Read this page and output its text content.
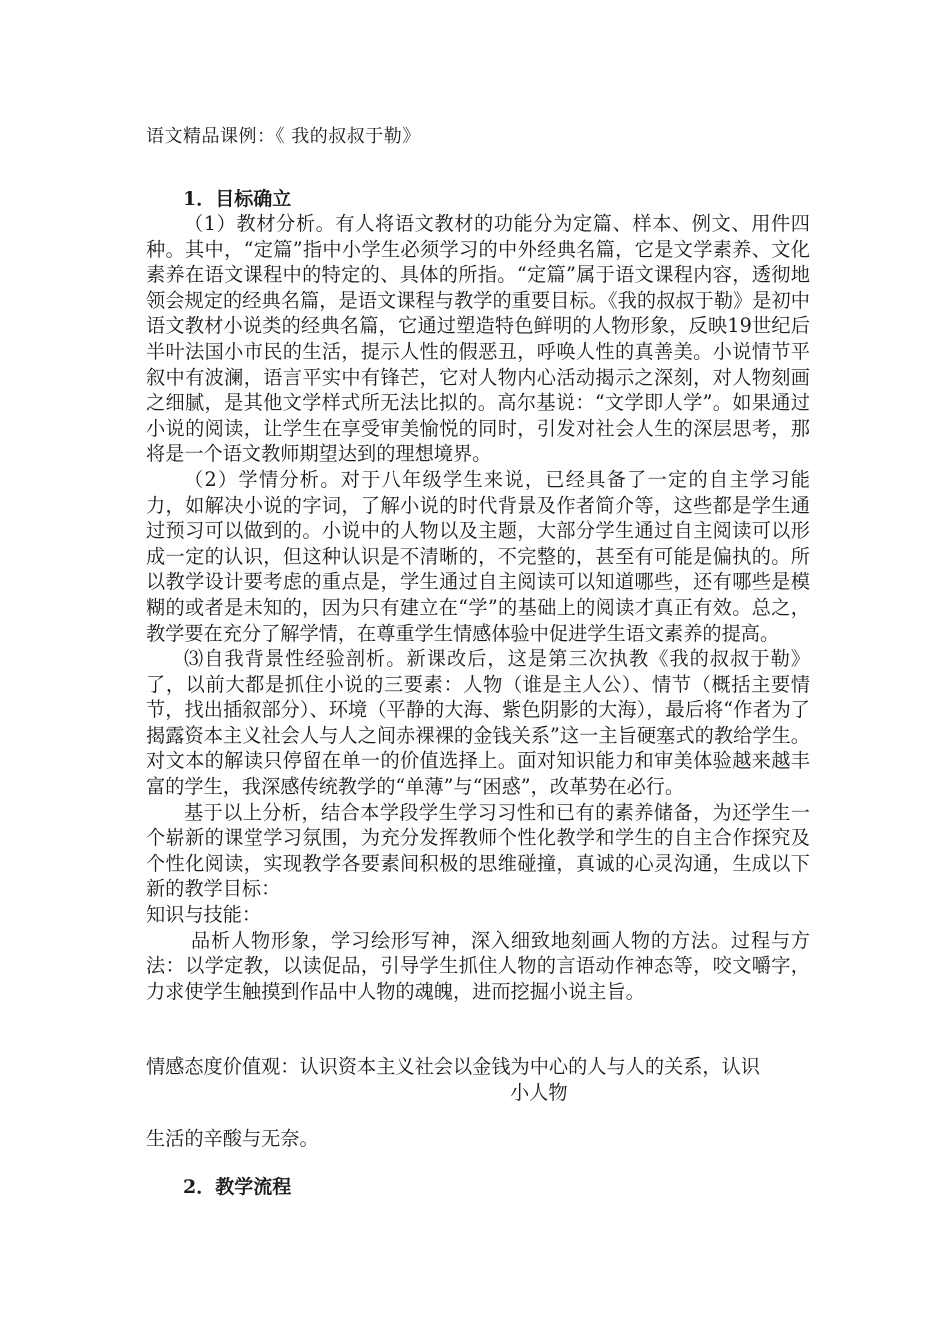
语文精品课例：《 我的叔叔于勒》
1．目标确立

（1）教材分析。有人将语文教材的功能分为定篇、样本、例文、用件四种。其中，“定篇”指中小学生必须学习的中外经典名篇，它是文学素养、文化素养在语文课程中的特定的、具体的所指。“定篇”属于语文课程内容，透彻地领会规定的经典名篇，是语文课程与教学的重要目标。《我的叔叔于勒》是初中语文教材小说类的经典名篇，它通过塑造特色鲜明的人物形象，反映19世纪后半叶法国小市民的生活，提示人性的假恶丑，呼唤人性的真善美。小说情节平叙中有波澜，语言平实中有锋芒，它对人物内心活动揭示之深刻，对人物刻画之细腻，是其他文学样式所无法比拟的。高尔基说：“文学即人学”。如果通过小说的阅读，让学生在享受审美愉悦的同时，引发对社会人生的深层思考，那将是一个语文教师期望达到的理想境界。

（2）学情分析。对于八年级学生来说，已经具备了一定的自主学习能力，如解决小说的字词，了解小说的时代背景及作者简介等，这些都是学生通过预习可以做到的。小说中的人物以及主题，大部分学生通过自主阅读可以形成一定的认识，但这种认识是不清晰的，不完整的，甚至有可能是偏执的。所以教学设计要考虑的重点是，学生通过自主阅读可以知道哪些，还有哪些是模糊的或者是未知的，因为只有建立在“学”的基础上的阅读才真正有效。总之，教学要在充分了解学情，在尊重学生情感体验中促进学生语文素养的提高。

⑶自我背景性经验剖析。新课改后，这是第三次执教《我的叔叔于勒》了，以前大都是抓住小说的三要素：人物（谁是主人公）、情节（概括主要情节，找出插叙部分）、环境（平静的大海、紫色阴影的大海），最后将“作者为了揭露资本主义社会人与人之间赤裸裸的金钱关系”这一主旨硬塞式的教给学生。对文本的解读只停留在单一的价值选择上。面对知识能力和审美体验越来越丰富的学生，我深感传统教学的“单薄”与“困惑”，改革势在必行。

基于以上分析，结合本学段学生学习习性和已有的素养储备，为还学生一个崭新的课堂学习氛围，为充分发挥教师个性化教学和学生的自主合作探究及个性化阅读，实现教学各要素间积极的思维碰撞，真诚的心灵沟通，生成以下新的教学目标：

知识与技能：

品析人物形象，学习绘形写神，深入细致地刻画人物的方法。过程与方法：以学定教，以读促品，引导学生抓住人物的言语动作神态等，咬文嚼字，力求使学生触摸到作品中人物的魂魄，进而挖掘小说主旨。

情感态度价值观：认识资本主义社会以金钱为中心的人与人的关系，认识
小人物
生活的辛酸与无奈。
2．教学流程
